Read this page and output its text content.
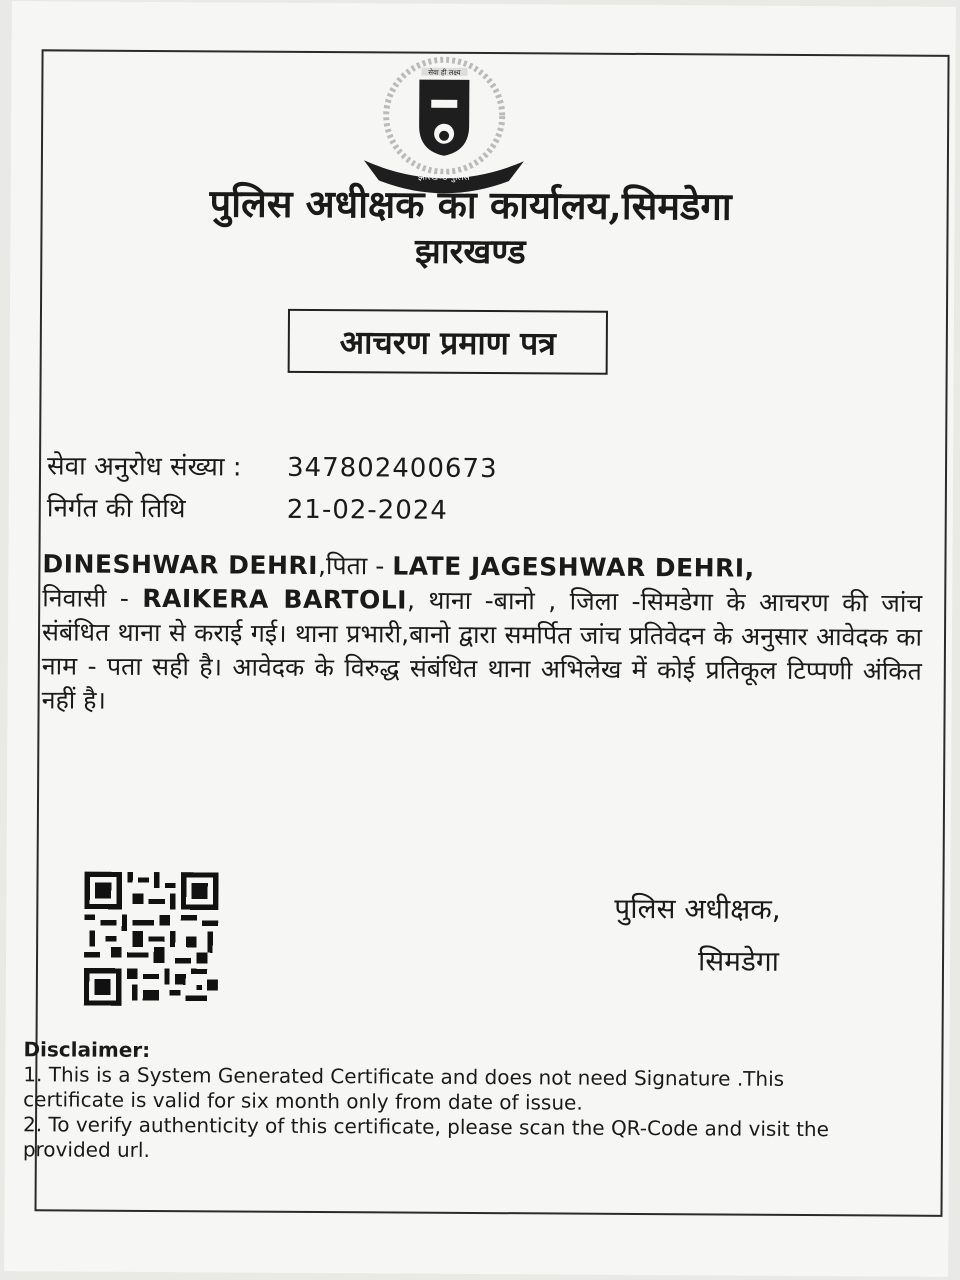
सेवा ही लक्ष्य
झारखण्ड पुलिस
पुलिस अधीक्षक का कार्यालय,सिमडेगा
झारखण्ड
आचरण प्रमाण पत्र
सेवा अनुरोध संख्या : 347802400673
निर्गत की तिथि	21-02-2024
DINESHWAR DEHRI,पिता - LATE JAGESHWAR DEHRI,
निवासी - RAIKERA BARTOLI, थाना -बानो , जिला -सिमडेगा के आचरण की जांच संबंधित थाना से कराई गई। थाना प्रभारी,बानो द्वारा समर्पित जांच प्रतिवेदन के अनुसार आवेदक का नाम - पता सही है। आवेदक के विरुद्ध संबंधित थाना अभिलेख में कोई प्रतिकूल टिप्पणी अंकित नहीं है।
पुलिस अधीक्षक,
सिमडेगा
Disclaimer:
1. This is a System Generated Certificate and does not need Signature .This certificate is valid for six month only from date of issue.
2. To verify authenticity of this certificate, please scan the QR-Code and visit the provided url.
